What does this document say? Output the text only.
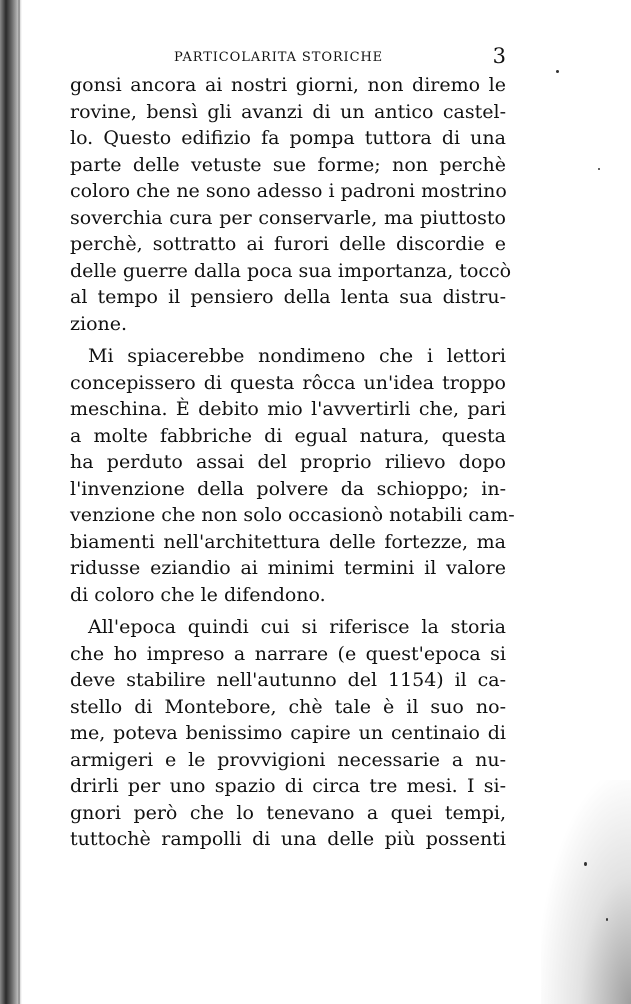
PARTICOLARITA STORICHE	3

gonsi ancora ai nostri giorni, non diremo le
rovine, bensì gli avanzi di un antico castel-
lo. Questo edifizio fa pompa tuttora di una
parte delle vetuste sue forme; non perchè
coloro che ne sono adesso i padroni mostrino
soverchia cura per conservarle, ma piuttosto
perchè, sottratto ai furori delle discordie e
delle guerre dalla poca sua importanza, toccò
al tempo il pensiero della lenta sua distru-
zione.

Mi spiacerebbe nondimeno che i lettori
concepissero di questa rôcca un'idea troppo
meschina. È debito mio l'avvertirli che, pari
a molte fabbriche di egual natura, questa
ha perduto assai del proprio rilievo dopo
l'invenzione della polvere da schioppo; in-
venzione che non solo occasionò notabili cam-
biamenti nell'architettura delle fortezze, ma
ridusse eziandio ai minimi termini il valore
di coloro che le difendono.

All'epoca quindi cui si riferisce la storia
che ho impreso a narrare (e quest'epoca si
deve stabilire nell'autunno del 1154) il ca-
stello di Montebore, chè tale è il suo no-
me, poteva benissimo capire un centinaio di
armigeri e le provvigioni necessarie a nu-
drirli per uno spazio di circa tre mesi. I si-
gnori però che lo tenevano a quei tempi,
tuttochè rampolli di una delle più possenti
